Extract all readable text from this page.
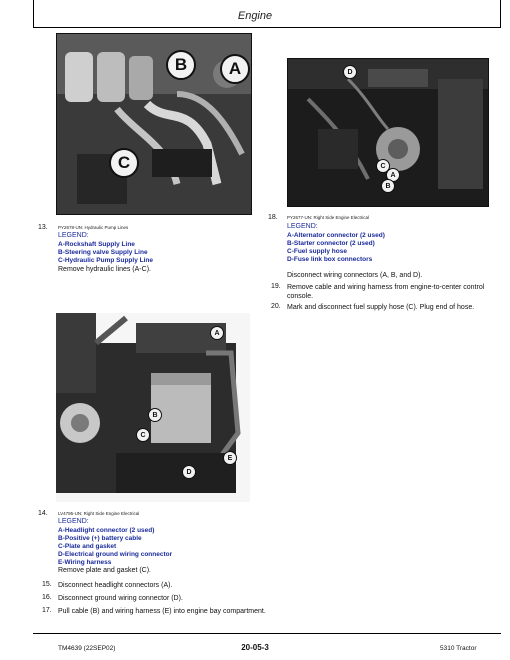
Engine
B	A
C
13. PY2678-UN: Hydraulic Pump Lines
LEGEND:
A-Rockshaft Supply Line
B-Steering valve Supply Line
C-Hydraulic Pump Supply Line
Remove hydraulic lines (A-C).
D
C
A
B
18. PY2677-UN: Right Side Engine Electrical
LEGEND:
A-Alternator connector (2 used)
B-Starter connector (2 used)
C-Fuel supply hose
D-Fuse link box connectors
Disconnect wiring connectors (A, B, and D).
19. Remove cable and wiring harness from engine-to-center control console.
20. Mark and disconnect fuel supply hose (C). Plug end of hose.
A
B
C
E
D
14. LV4795-UN: Right Side Engine Electrical
LEGEND:
A-Headlight connector (2 used)
B-Positive (+) battery cable
C-Plate and gasket
D-Electrical ground wiring connector
E-Wiring harness
Remove plate and gasket (C).
15. Disconnect headlight connectors (A).
16. Disconnect ground wiring connector (D).
17. Pull cable (B) and wiring harness (E) into engine bay compartment.
TM4639 (22SEP02)	20-05-3	5310 Tractor
